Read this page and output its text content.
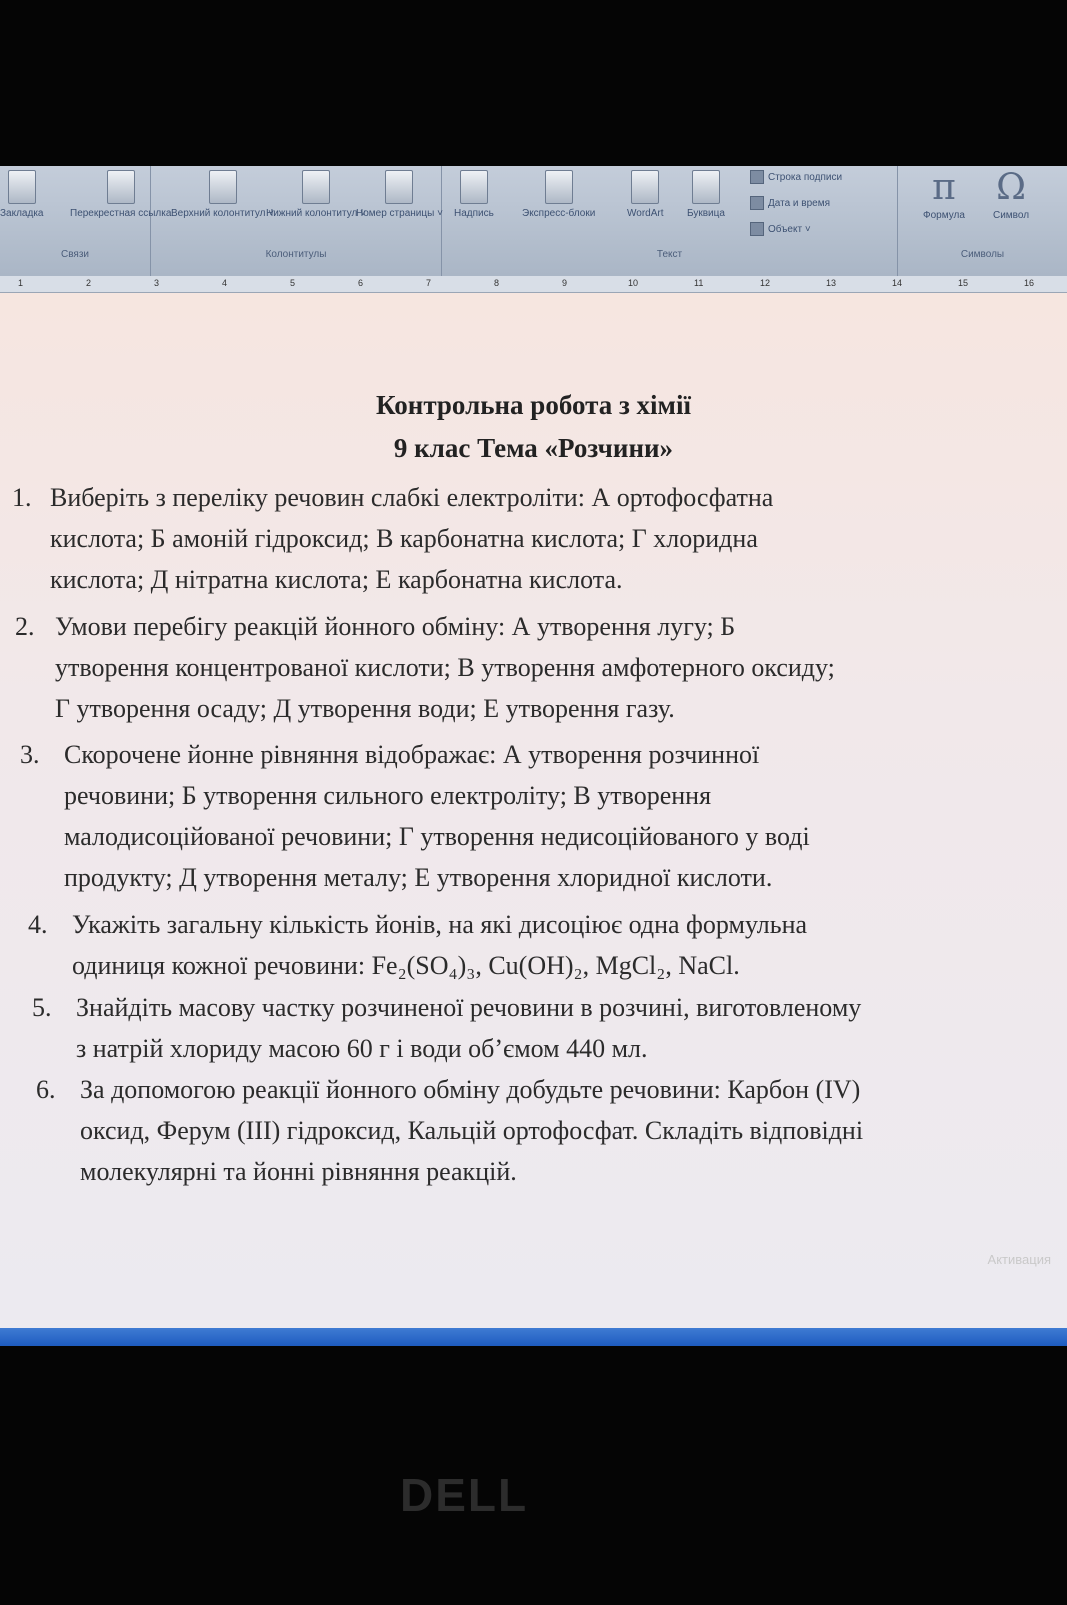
Закладка	Перекрестная ссылка
Связи
Верхний колонтитул ˅
Нижний колонтитул ˅
Номер страницы ˅
Колонтитулы
Надпись	Экспресс-блоки	WordArt Буквица
Строка подписи
Дата и время
Объект ˅
Текст
π
Формула
Ω
Символ
Символы
1	2	3	4	5	6	7	8	9	10	11	12	13	14	15	16
Контрольна робота з хімії
9 клас Тема «Розчини»
1. Виберіть з переліку речовин слабкі електроліти: А ортофосфатна
кислота; Б амоній гідроксид; В карбонатна кислота; Г хлоридна
кислота; Д нітратна кислота; Е карбонатна кислота.
2. Умови перебігу реакцій йонного обміну: А утворення лугу; Б
утворення концентрованої кислоти; В утворення амфотерного оксиду;
Г утворення осаду; Д утворення води; Е утворення газу.
3. Скорочене йонне рівняння відображає: А утворення розчинної
речовини; Б утворення сильного електроліту; В утворення
малодисоційованої речовини; Г утворення недисоційованого у воді
продукту; Д утворення металу; Е утворення хлоридної кислоти.
4. Укажіть загальну кількість йонів, на які дисоціює одна формульна
одиниця кожної речовини: Fe₂(SO₄)₃, Cu(OH)₂, MgCl₂, NaCl.
5. Знайдіть масову частку розчиненої речовини в розчині, виготовленому
з натрій хлориду масою 60 г і води об’ємом 440 мл.
6. За допомогою реакції йонного обміну добудьте речовини: Карбон (IV)
оксид, Ферум (III) гідроксид, Кальцій ортофосфат. Складіть відповідні
молекулярні та йонні рівняння реакцій.
Активация
DELL
